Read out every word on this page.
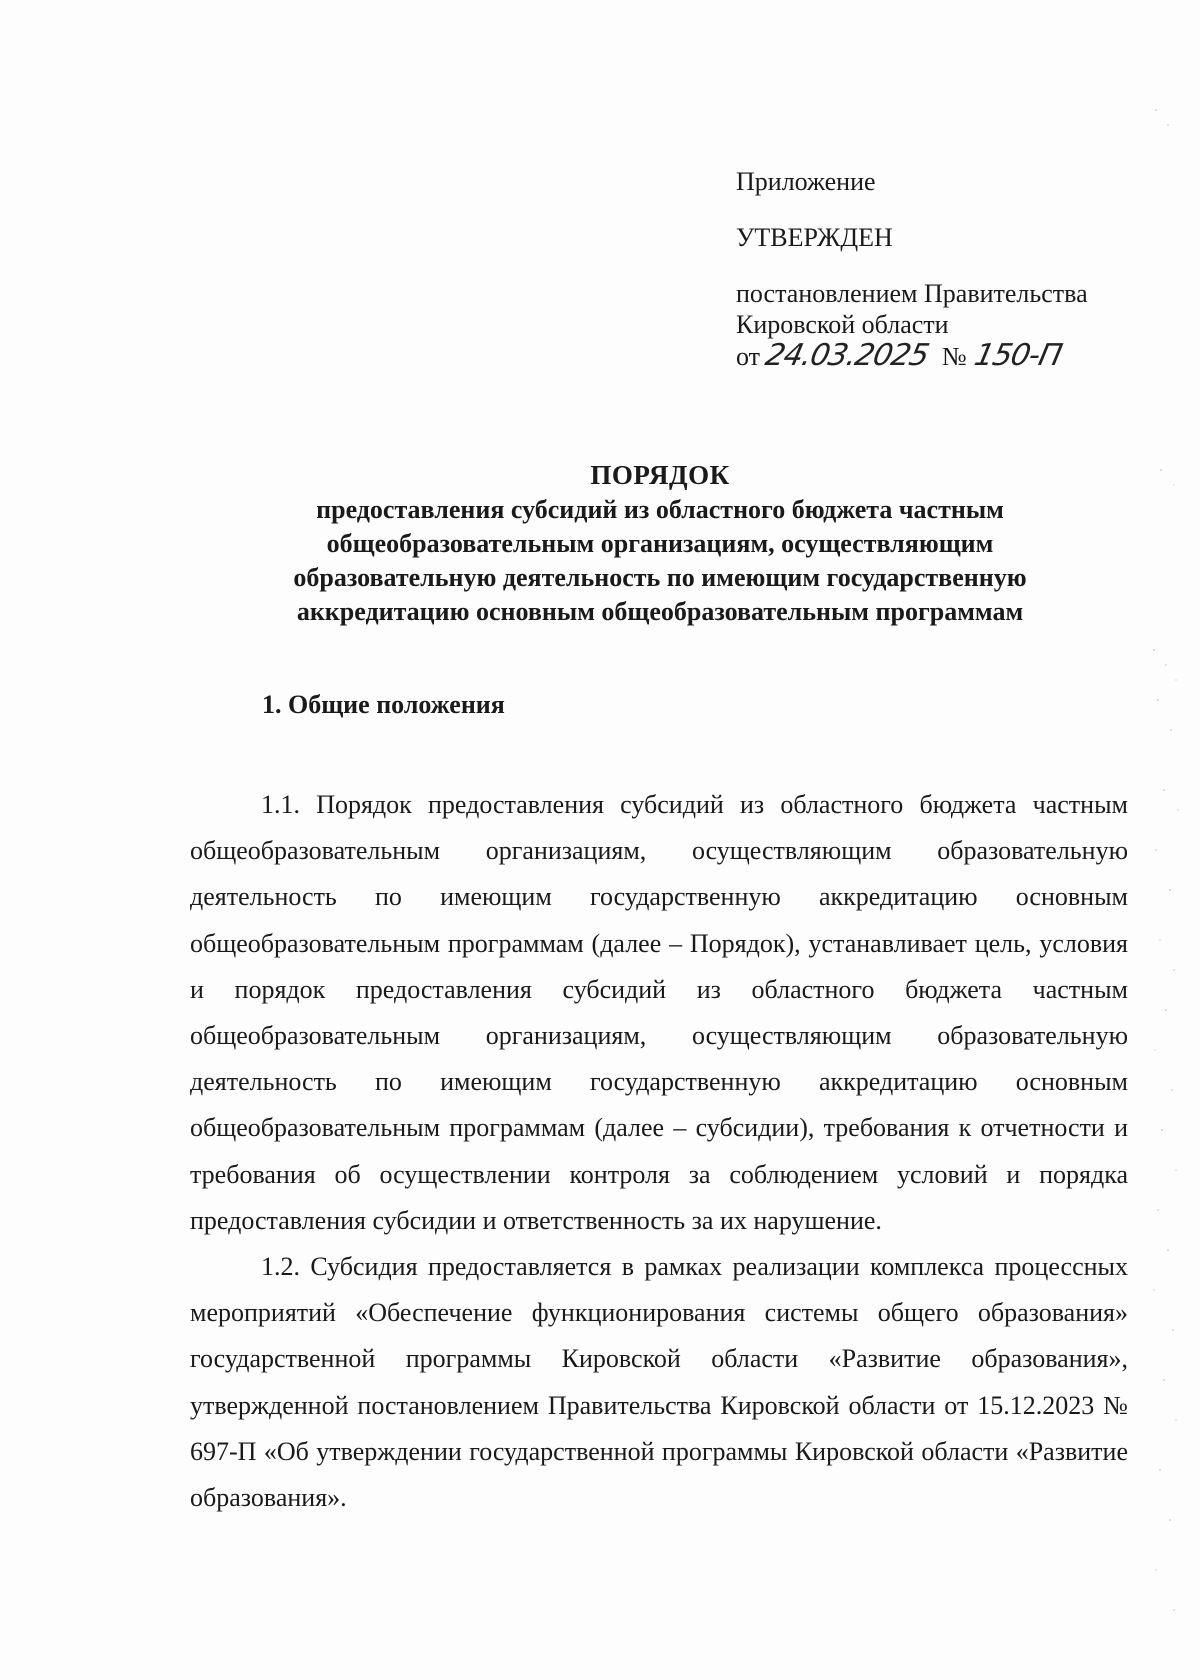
Приложение
УТВЕРЖДЕН
постановлением Правительства
Кировской области
от24.03.2025 № 150-П
ПОРЯДОК
предоставления субсидий из областного бюджета частным
общеобразовательным организациям, осуществляющим
образовательную деятельность по имеющим государственную
аккредитацию основным общеобразовательным программам
1. Общие положения

1.1. Порядок предоставления субсидий из областного бюджета частным общеобразовательным организациям, осуществляющим образовательную деятельность по имеющим государственную аккредитацию основным общеобразовательным программам (далее – Порядок), устанавливает цель, условия и порядок предоставления субсидий из областного бюджета частным общеобразовательным организациям, осуществляющим образовательную деятельность по имеющим государственную аккредитацию основным общеобразовательным программам (далее – субсидии), требования к отчетности и требования об осуществлении контроля за соблюдением условий и порядка предоставления субсидии и ответственность за их нарушение.

1.2. Субсидия предоставляется в рамках реализации комплекса процессных мероприятий «Обеспечение функционирования системы общего образования» государственной программы Кировской области «Развитие образования», утвержденной постановлением Правительства Кировской области от 15.12.2023 № 697-П «Об утверждении государственной программы Кировской области «Развитие образования».
